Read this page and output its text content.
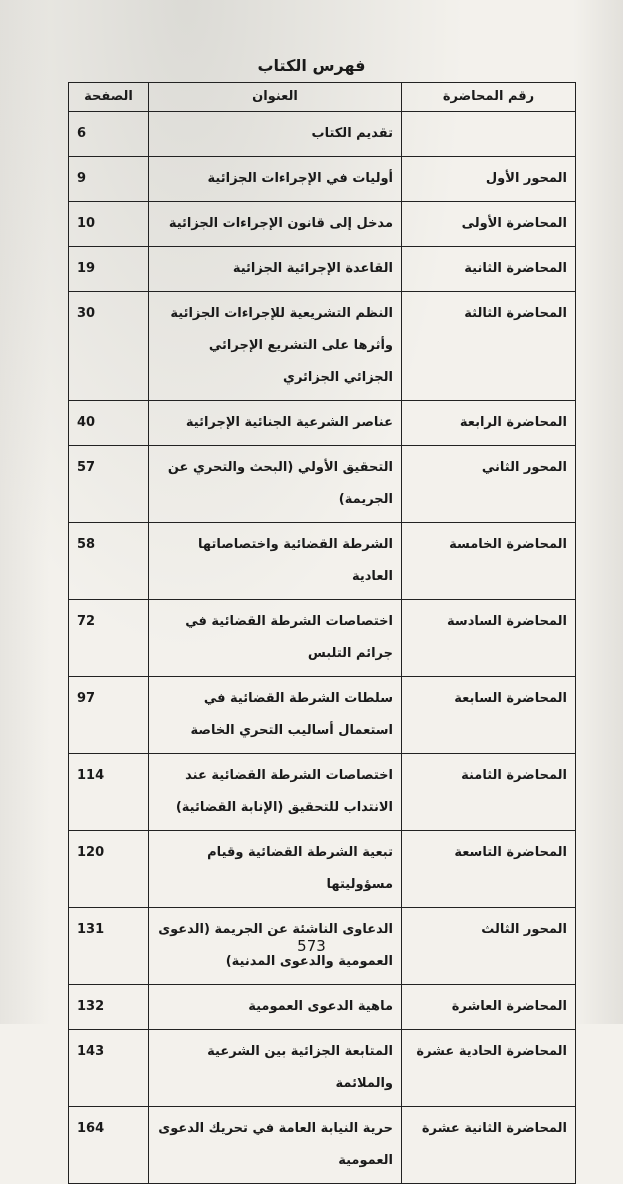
فهرس الكتاب
رقم المحاضرة	العنوان	الصفحة
	تقديم الكتاب	6
المحور الأول	أوليات في الإجراءات الجزائية	9
المحاضرة الأولى	مدخل إلى قانون الإجراءات الجزائية	10
المحاضرة الثانية	القاعدة الإجرائية الجزائية	19
المحاضرة الثالثة	النظم التشريعية للإجراءات الجزائية وأثرها على التشريع الإجرائي الجزائي الجزائري	30
المحاضرة الرابعة	عناصر الشرعية الجنائية الإجرائية	40
المحور الثاني	التحقيق الأولي (البحث والتحري عن الجريمة)	57
المحاضرة الخامسة	الشرطة القضائية واختصاصاتها العادية	58
المحاضرة السادسة	اختصاصات الشرطة القضائية في جرائم التلبس	72
المحاضرة السابعة	سلطات الشرطة القضائية في استعمال أساليب التحري الخاصة	97
المحاضرة الثامنة	اختصاصات الشرطة القضائية عند الانتداب للتحقيق (الإنابة القضائية)	114
المحاضرة التاسعة	تبعية الشرطة القضائية وقيام مسؤوليتها	120
المحور الثالث	الدعاوى الناشئة عن الجريمة (الدعوى العمومية والدعوى المدنية)	131
المحاضرة العاشرة	ماهية الدعوى العمومية	132
المحاضرة الحادية عشرة	المتابعة الجزائية بين الشرعية والملائمة	143
المحاضرة الثانية عشرة	حرية النيابة العامة في تحريك الدعوى العمومية	164
573
